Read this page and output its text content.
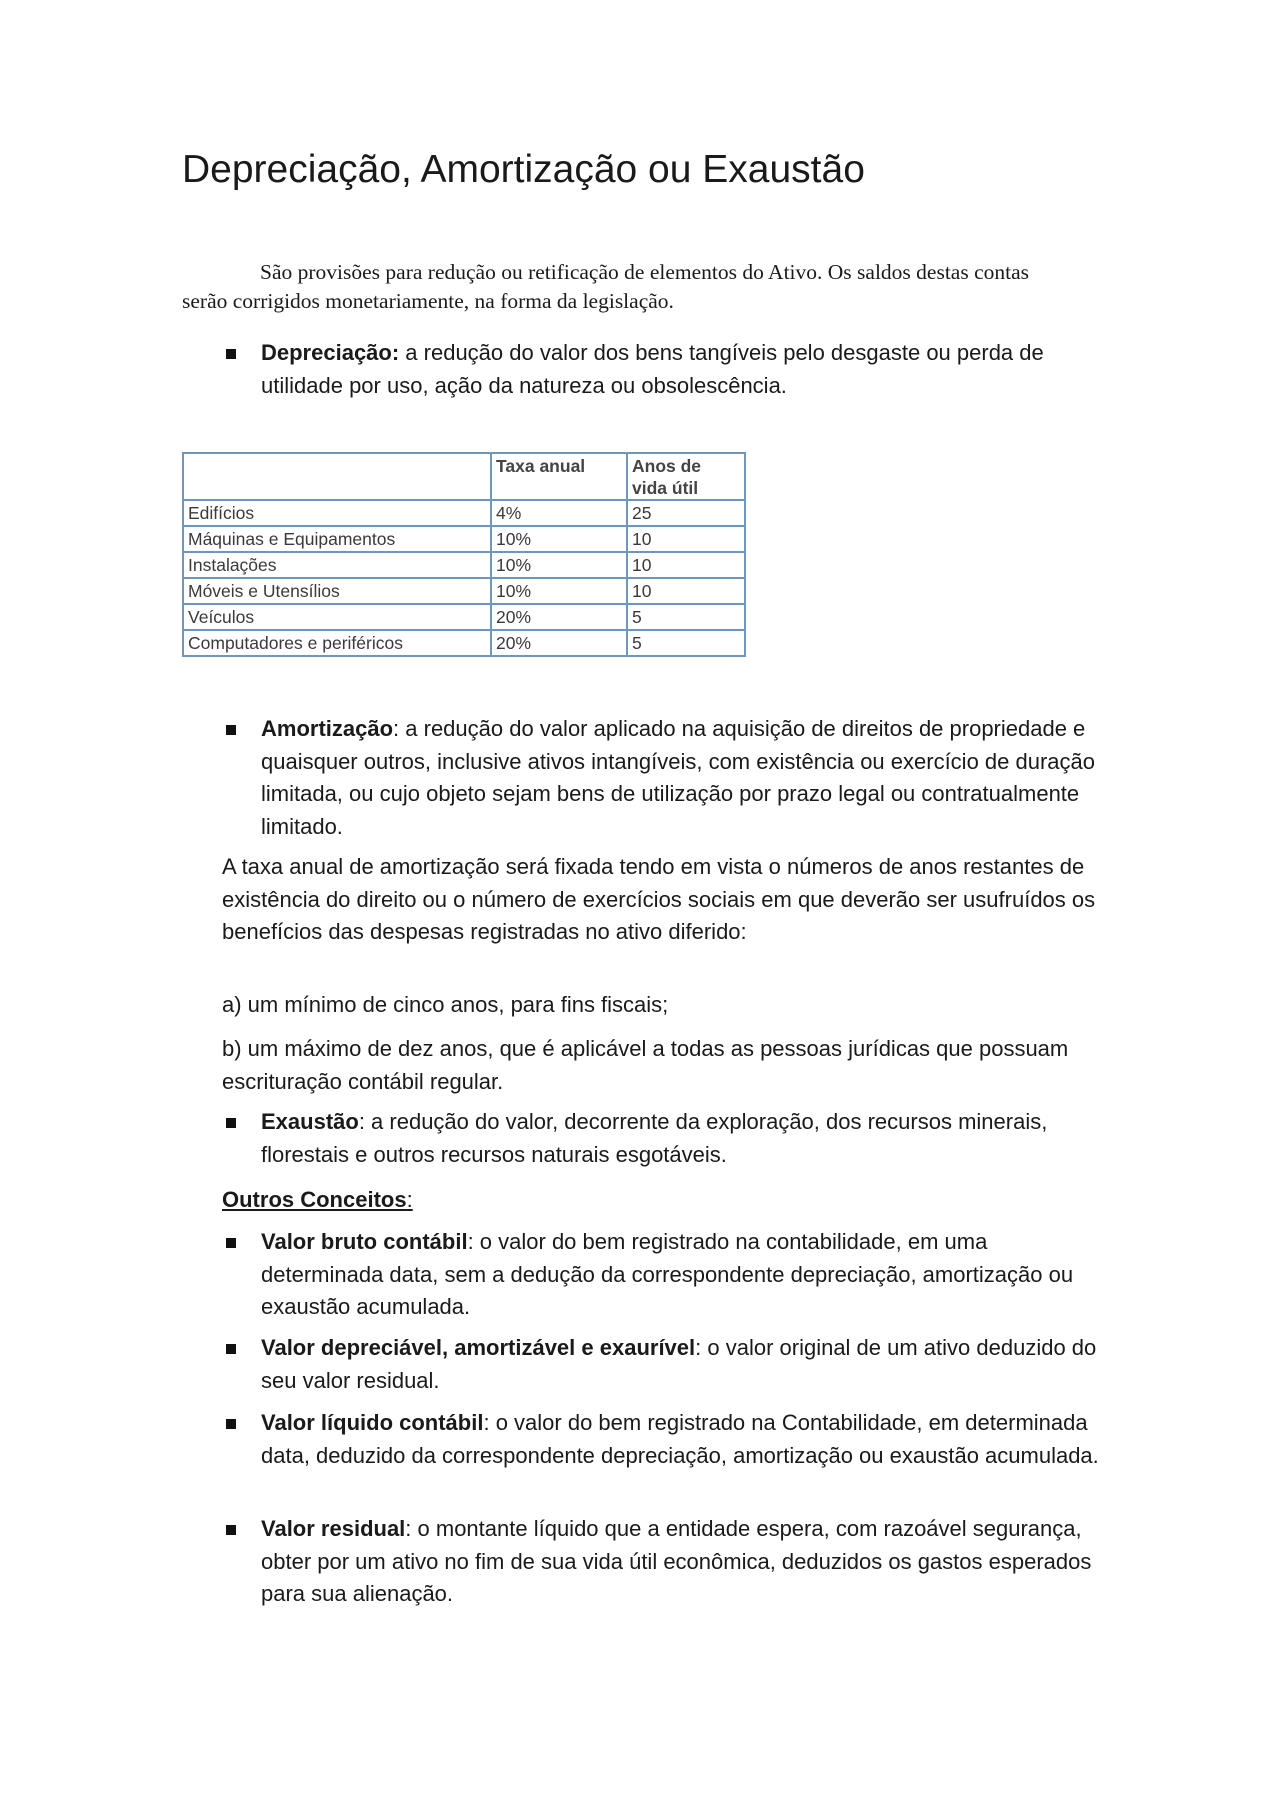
Depreciação, Amortização ou Exaustão

São provisões para redução ou retificação de elementos do Ativo. Os saldos destas contas serão corrigidos monetariamente, na forma da legislação.

Depreciação: a redução do valor dos bens tangíveis pelo desgaste ou perda de utilidade por uso, ação da natureza ou obsolescência.

	Taxa anual	Anos de vida útil
Edifícios	4%	25
Máquinas e Equipamentos	10%	10
Instalações	10%	10
Móveis e Utensílios	10%	10
Veículos	20%	5
Computadores e periféricos	20%	5

Amortização: a redução do valor aplicado na aquisição de direitos de propriedade e quaisquer outros, inclusive ativos intangíveis, com existência ou exercício de duração limitada, ou cujo objeto sejam bens de utilização por prazo legal ou contratualmente limitado.

A taxa anual de amortização será fixada tendo em vista o números de anos restantes de existência do direito ou o número de exercícios sociais em que deverão ser usufruídos os benefícios das despesas registradas no ativo diferido:

a) um mínimo de cinco anos, para fins fiscais;

b) um máximo de dez anos, que é aplicável a todas as pessoas jurídicas que possuam escrituração contábil regular.

Exaustão: a redução do valor, decorrente da exploração, dos recursos minerais, florestais e outros recursos naturais esgotáveis.

Outros Conceitos:

Valor bruto contábil: o valor do bem registrado na contabilidade, em uma determinada data, sem a dedução da correspondente depreciação, amortização ou exaustão acumulada.

Valor depreciável, amortizável e exaurível: o valor original de um ativo deduzido do seu valor residual.

Valor líquido contábil: o valor do bem registrado na Contabilidade, em determinada data, deduzido da correspondente depreciação, amortização ou exaustão acumulada.

Valor residual: o montante líquido que a entidade espera, com razoável segurança, obter por um ativo no fim de sua vida útil econômica, deduzidos os gastos esperados para sua alienação.
